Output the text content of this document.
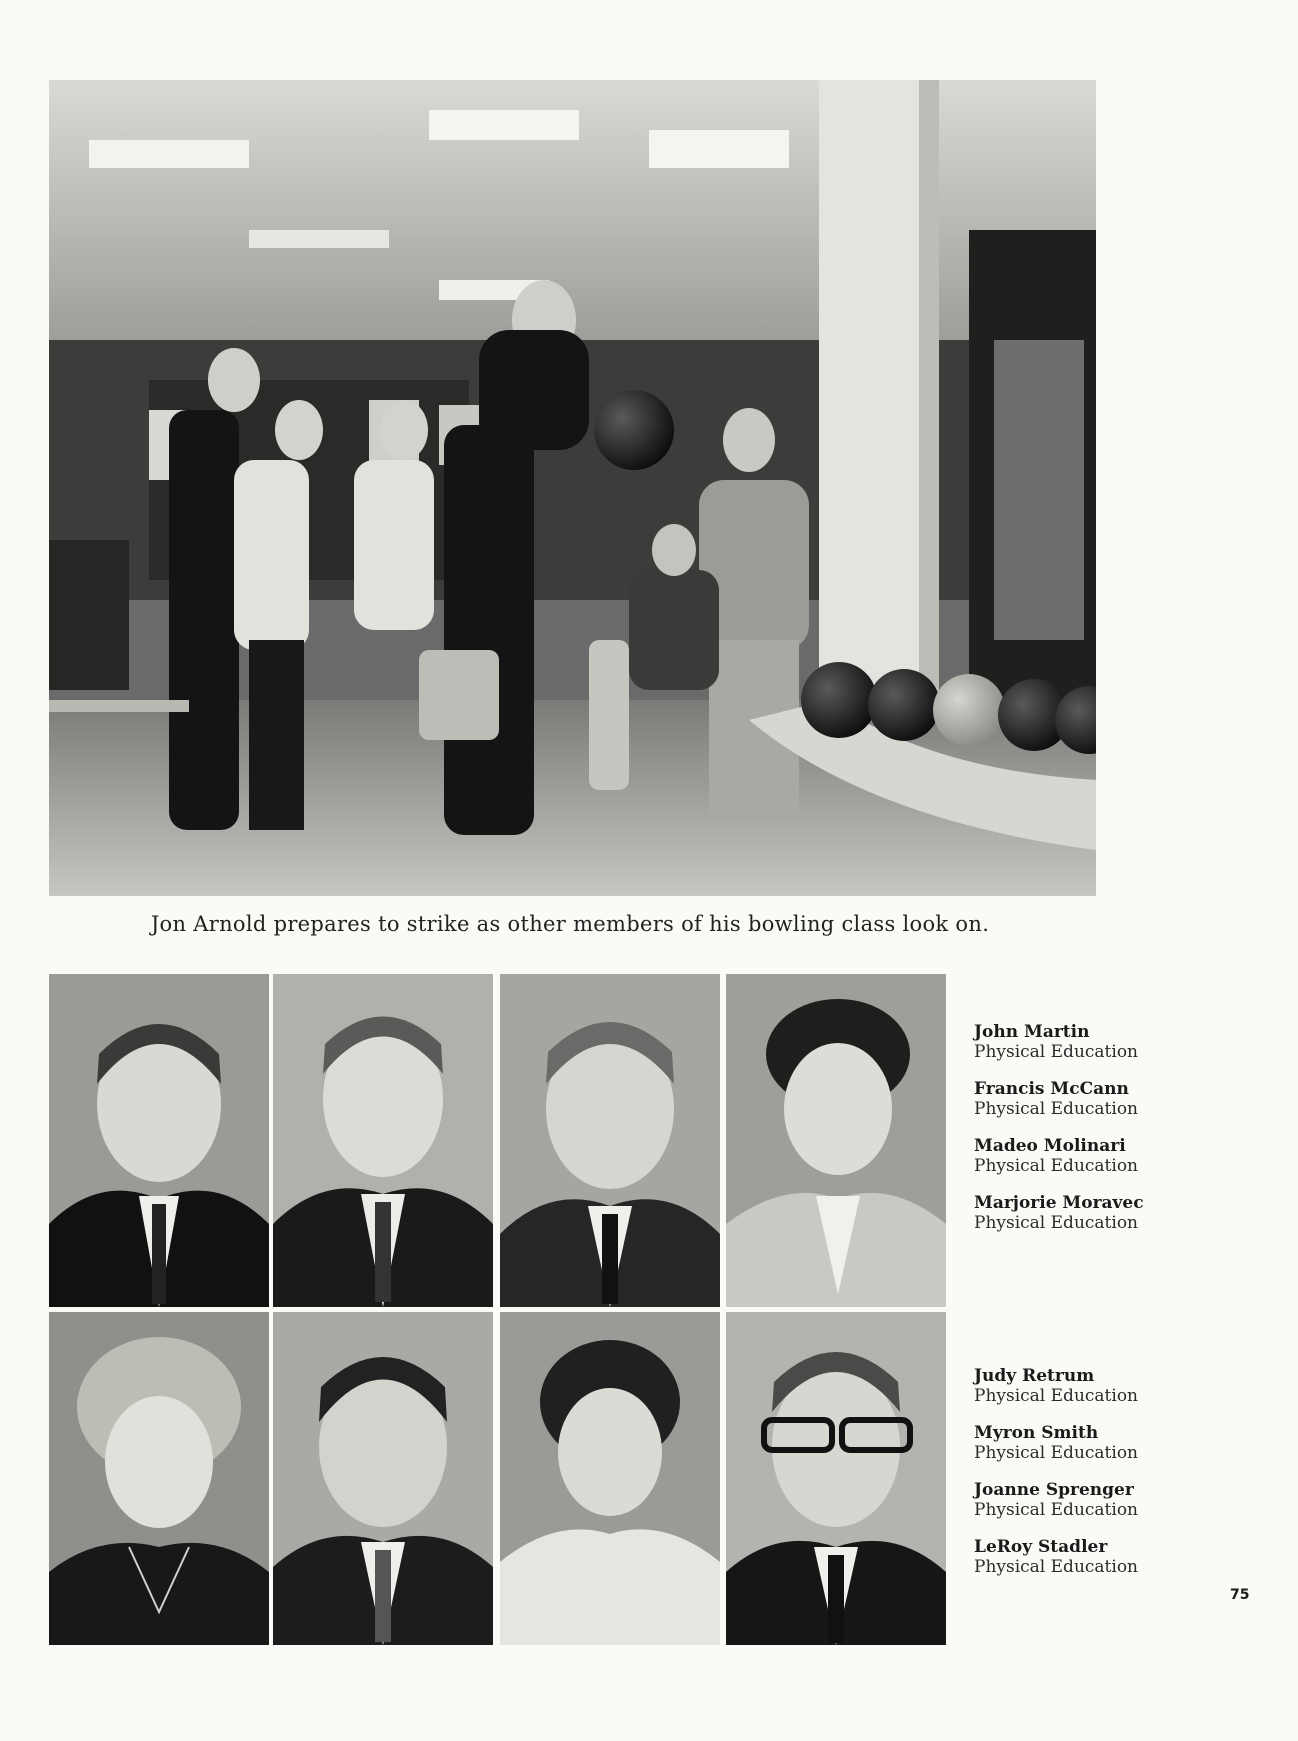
Jon Arnold prepares to strike as other members of his bowling class look on.
John Martin
Physical Education
Francis McCann
Physical Education
Madeo Molinari
Physical Education
Marjorie Moravec
Physical Education
Judy Retrum
Physical Education
Myron Smith
Physical Education
Joanne Sprenger
Physical Education
LeRoy Stadler
Physical Education
75
